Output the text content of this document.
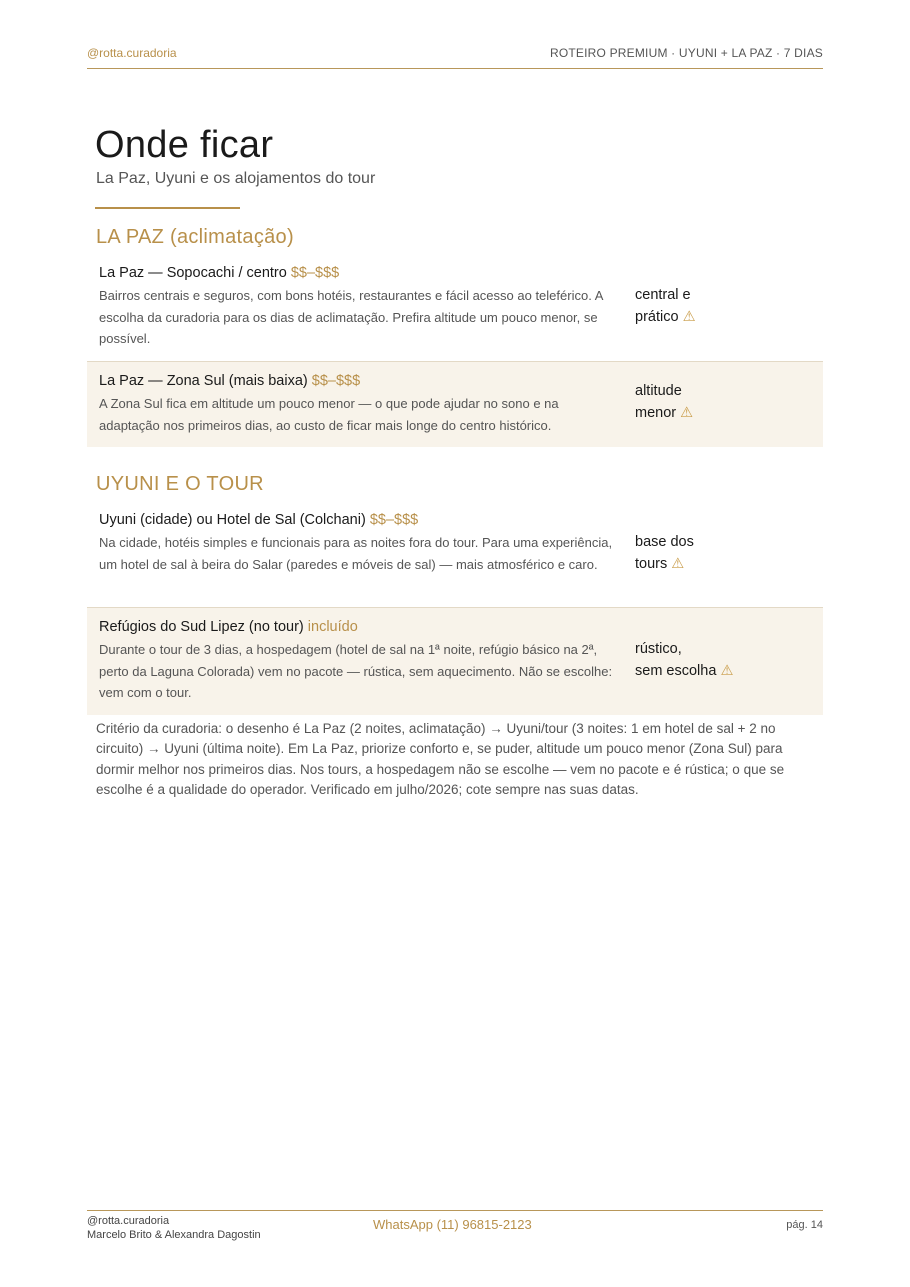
@rotta.curadoria	ROTEIRO PREMIUM · UYUNI + LA PAZ · 7 DIAS
Onde ficar
La Paz, Uyuni e os alojamentos do tour
LA PAZ (aclimatação)
La Paz — Sopocachi / centro $$–$$$
Bairros centrais e seguros, com bons hotéis, restaurantes e fácil acesso ao teleférico. A escolha da curadoria para os dias de aclimatação. Prefira altitude um pouco menor, se possível.
central e
prático ⚠
La Paz — Zona Sul (mais baixa) $$–$$$
A Zona Sul fica em altitude um pouco menor — o que pode ajudar no sono e na adaptação nos primeiros dias, ao custo de ficar mais longe do centro histórico.
altitude
menor ⚠
UYUNI E O TOUR
Uyuni (cidade) ou Hotel de Sal (Colchani) $$–$$$
Na cidade, hotéis simples e funcionais para as noites fora do tour. Para uma experiência, um hotel de sal à beira do Salar (paredes e móveis de sal) — mais atmosférico e caro.
base dos
tours ⚠
Refúgios do Sud Lipez (no tour) incluído
Durante o tour de 3 dias, a hospedagem (hotel de sal na 1ª noite, refúgio básico na 2ª, perto da Laguna Colorada) vem no pacote — rústica, sem aquecimento. Não se escolhe: vem com o tour.
rústico,
sem escolha ⚠
Critério da curadoria: o desenho é La Paz (2 noites, aclimatação) → Uyuni/tour (3 noites: 1 em hotel de sal + 2 no circuito) → Uyuni (última noite). Em La Paz, priorize conforto e, se puder, altitude um pouco menor (Zona Sul) para dormir melhor nos primeiros dias. Nos tours, a hospedagem não se escolhe — vem no pacote e é rústica; o que se escolhe é a qualidade do operador. Verificado em julho/2026; cote sempre nas suas datas.
@rotta.curadoria
Marcelo Brito & Alexandra Dagostin
WhatsApp (11) 96815-2123	pág. 14
